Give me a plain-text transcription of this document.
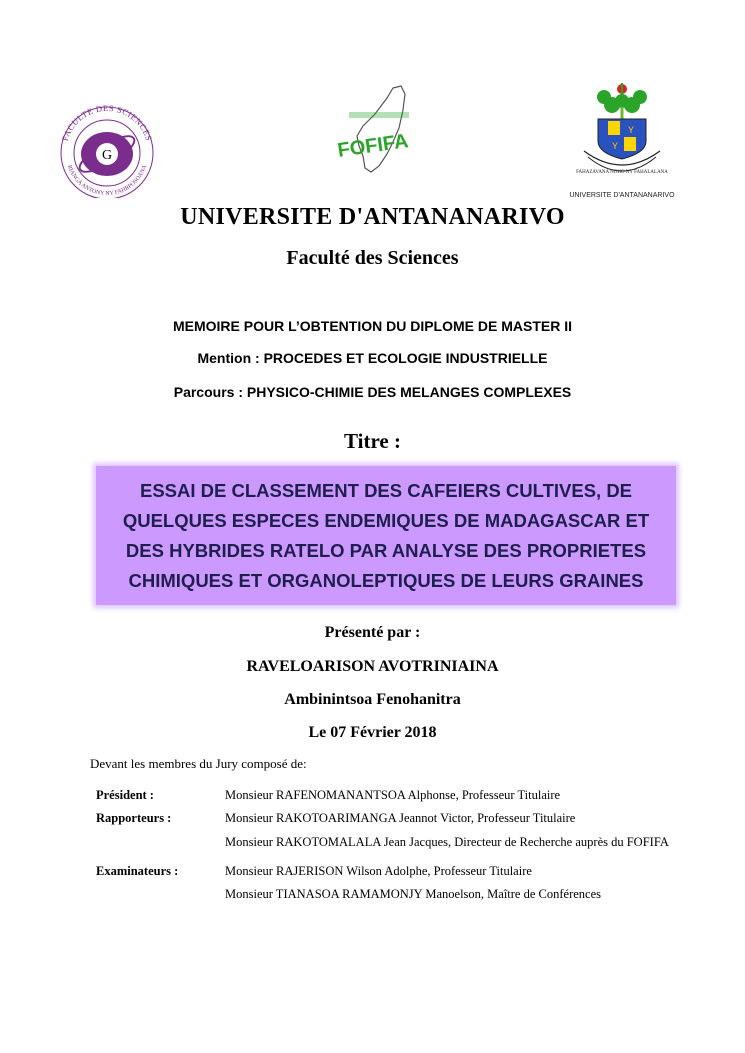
G
FACULTE DES SCIENCES
RIANGA ANTONY NY FAHRPOSOANA
FOFIFA
Y
Y
FAHAZAVANA NOHO NY FAHALALANA
UNIVERSITE D'ANTANANARIVO
UNIVERSITE D'ANTANANARIVO
Faculté des Sciences
MEMOIRE POUR L’OBTENTION DU DIPLOME DE MASTER II
Mention : PROCEDES ET ECOLOGIE INDUSTRIELLE
Parcours : PHYSICO-CHIMIE DES MELANGES COMPLEXES
Titre :
ESSAI DE CLASSEMENT DES CAFEIERS CULTIVES, DE
QUELQUES ESPECES ENDEMIQUES DE MADAGASCAR ET
DES HYBRIDES RATELO PAR ANALYSE DES PROPRIETES
CHIMIQUES ET ORGANOLEPTIQUES DE LEURS GRAINES
Présenté par :
RAVELOARISON AVOTRINIAINA
Ambinintsoa Fenohanitra
Le 07 Février 2018
Devant les membres du Jury composé de:
Président :	Monsieur RAFENOMANANTSOA Alphonse, Professeur Titulaire
Rapporteurs :	Monsieur RAKOTOARIMANGA Jeannot Victor, Professeur Titulaire
Monsieur RAKOTOMALALA Jean Jacques, Directeur de Recherche auprès du FOFIFA
Examinateurs :	Monsieur RAJERISON Wilson Adolphe, Professeur Titulaire
Monsieur TIANASOA RAMAMONJY Manoelson, Maître de Conférences
